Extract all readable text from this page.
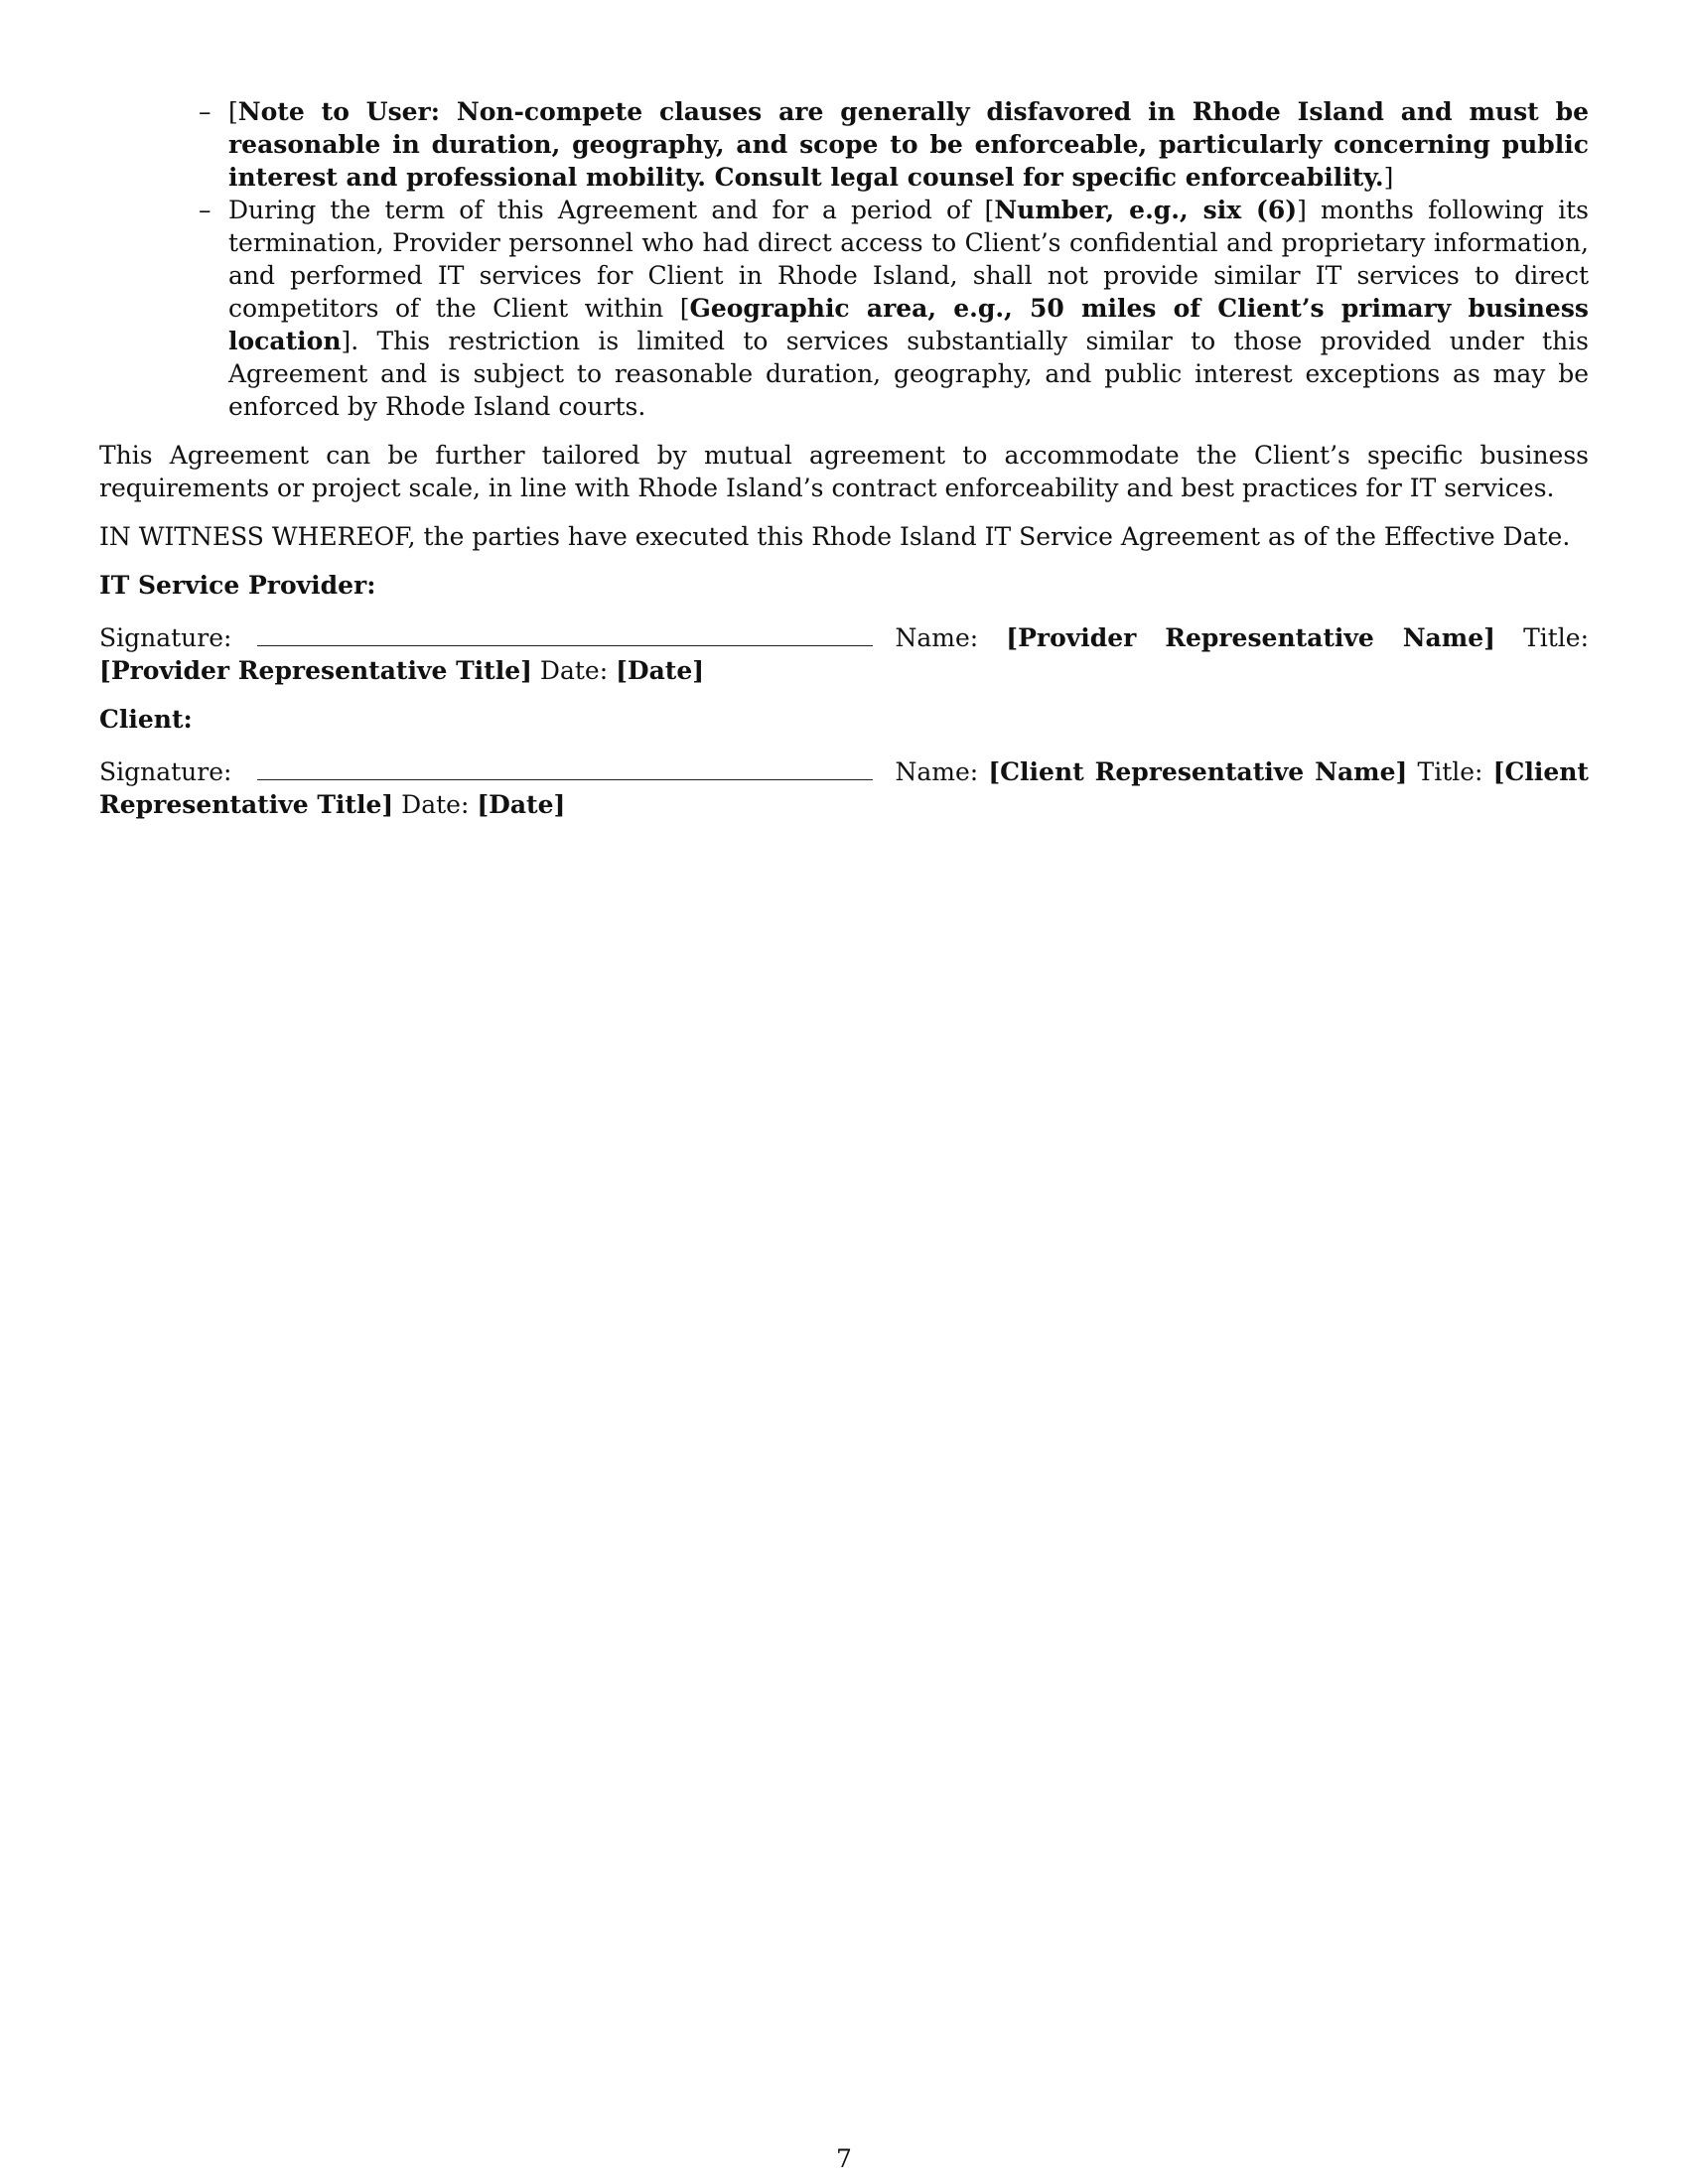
– [Note to User: Non-compete clauses are generally disfavored in Rhode Island and must be reasonable in duration, geography, and scope to be enforceable, particularly concerning public interest and professional mobility. Consult legal counsel for specific enforceability.]
– During the term of this Agreement and for a period of [Number, e.g., six (6)] months following its termination, Provider personnel who had direct access to Client’s confidential and proprietary information, and performed IT services for Client in Rhode Island, shall not provide similar IT services to direct competitors of the Client within [Geographic area, e.g., 50 miles of Client’s primary business location]. This restriction is limited to services substantially similar to those provided under this Agreement and is subject to reasonable duration, geography, and public interest exceptions as may be enforced by Rhode Island courts.

This Agreement can be further tailored by mutual agreement to accommodate the Client’s specific business requirements or project scale, in line with Rhode Island’s contract enforceability and best practices for IT services.

IN WITNESS WHEREOF, the parties have executed this Rhode Island IT Service Agreement as of the Effective Date.

IT Service Provider:

Signature:	Name: [Provider Representative Name] Title: [Provider Representative Title] Date: [Date]

Client:

Signature:	Name: [Client Representative Name] Title: [Client Representative Title] Date: [Date]

7
